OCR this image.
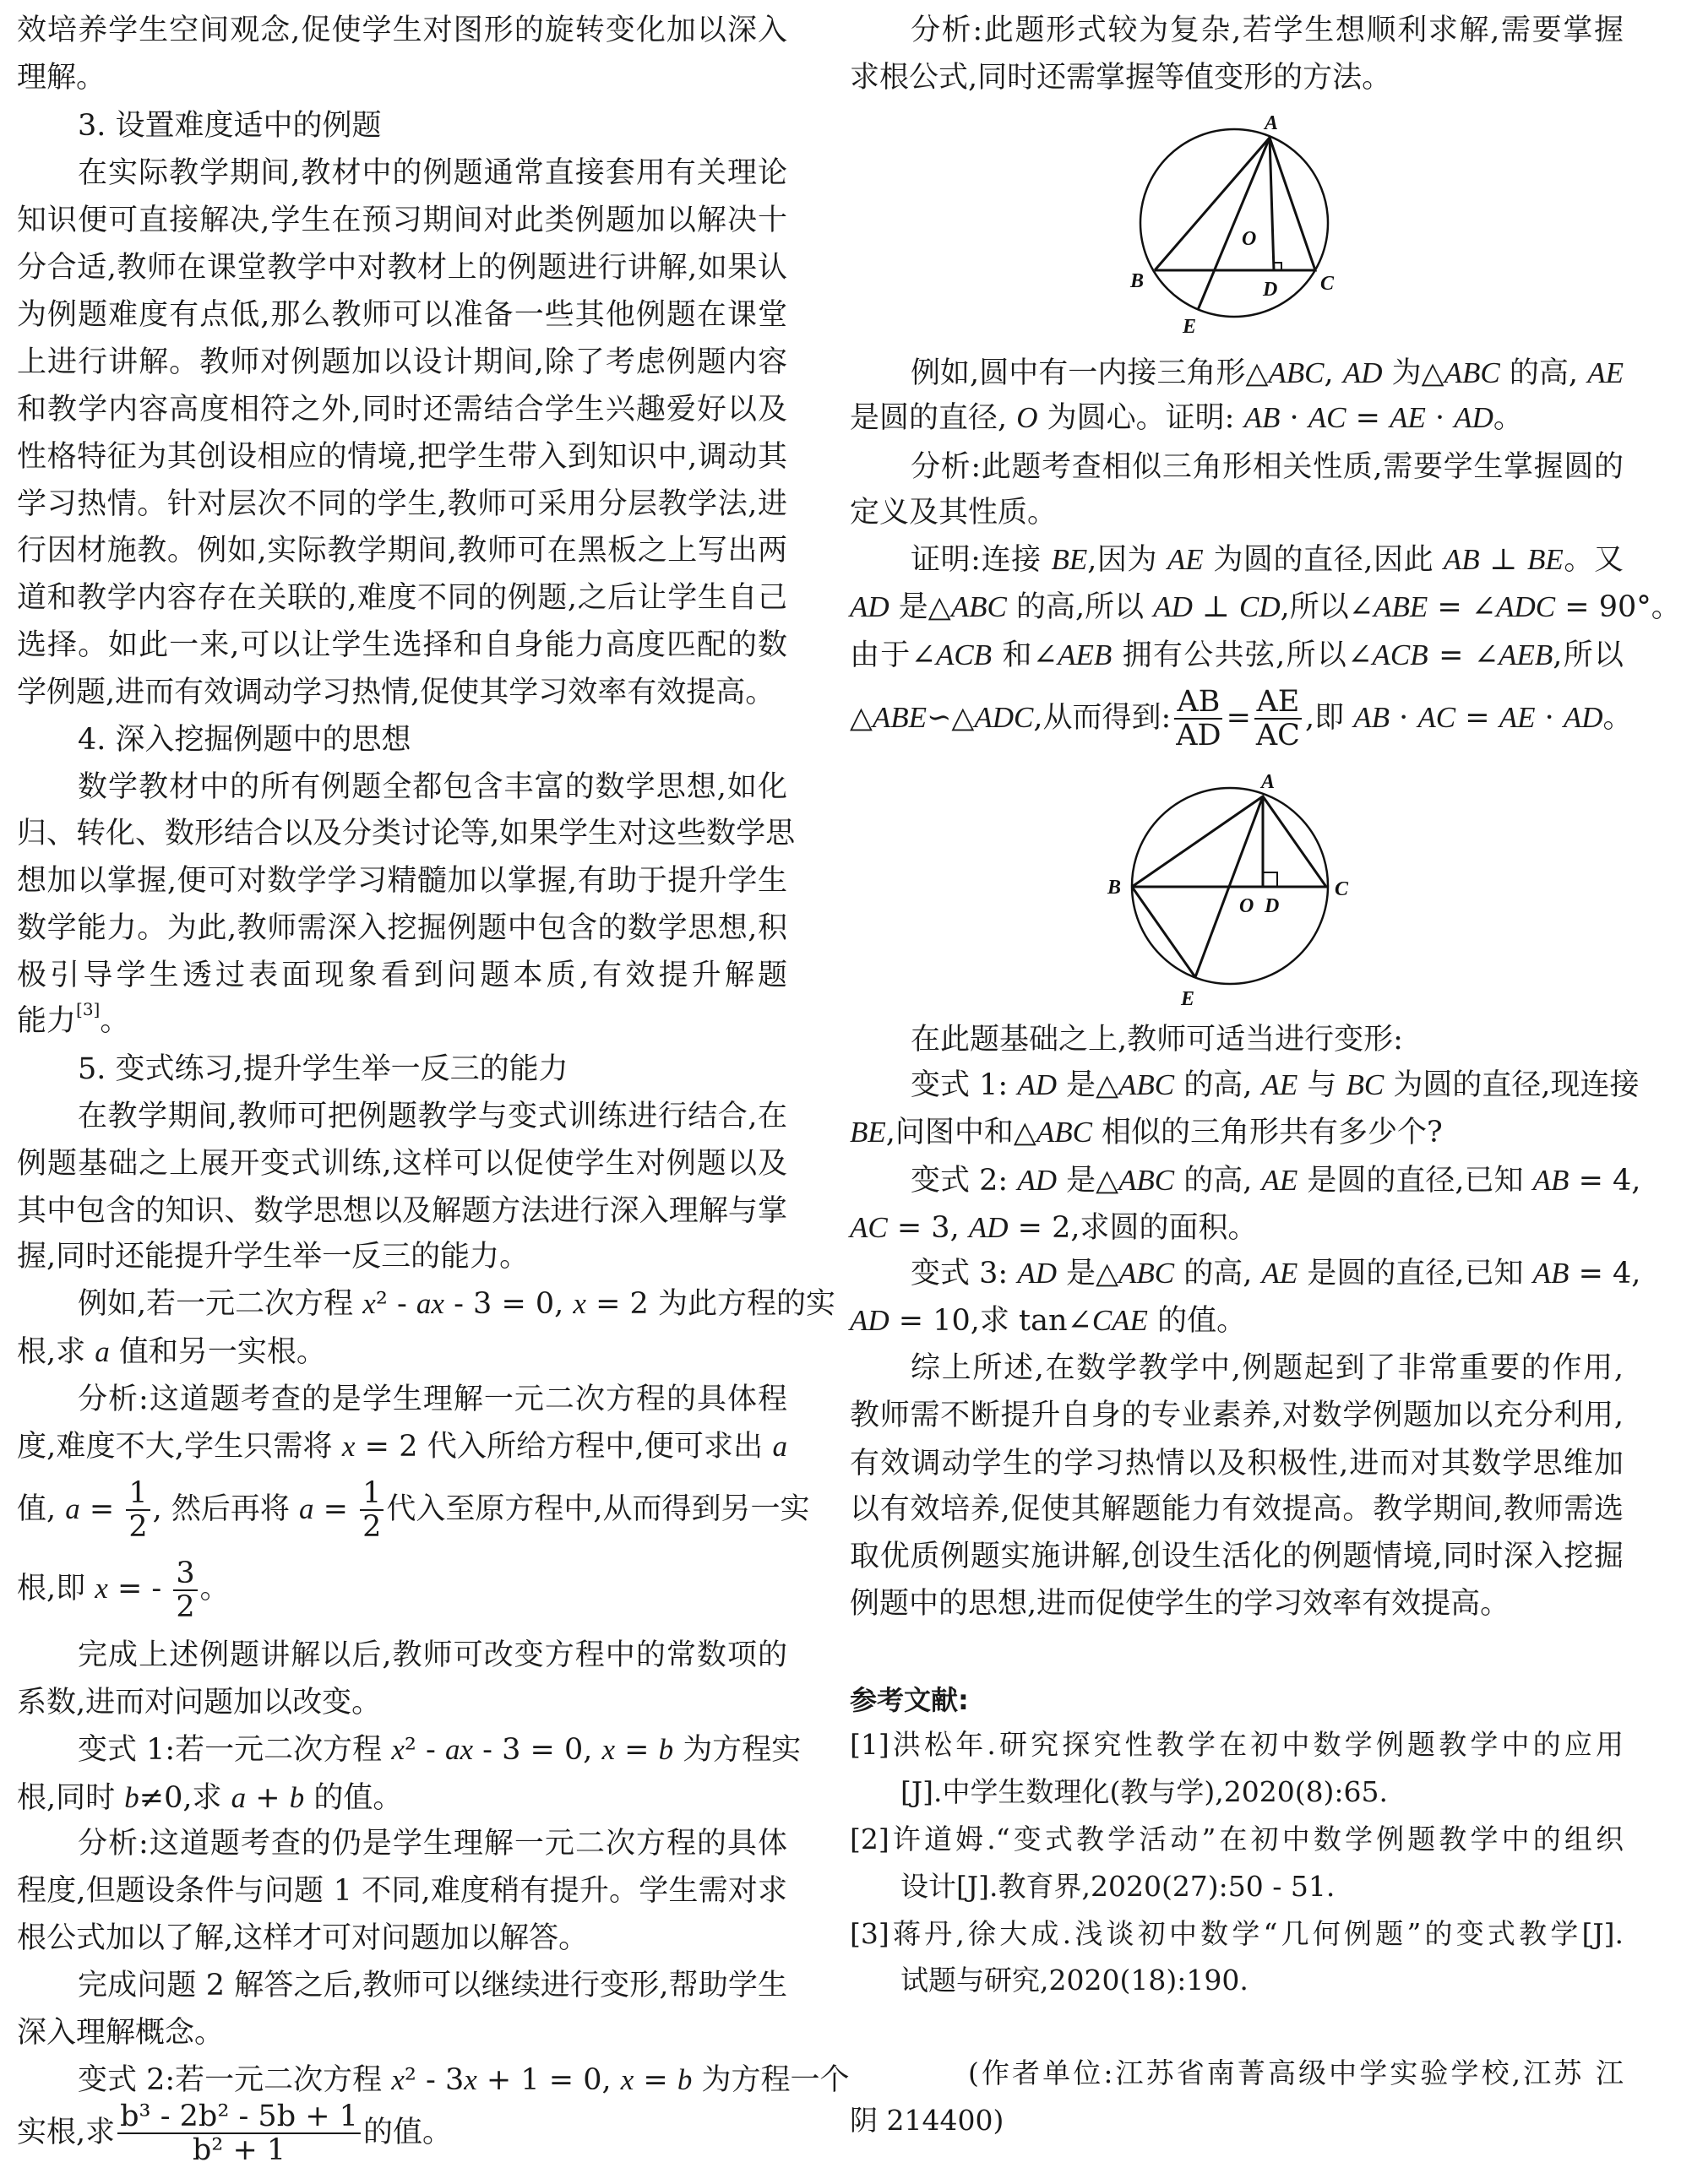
效培养学生空间观念,促使学生对图形的旋转变化加以深入
理解。
3. 设置难度适中的例题
在实际教学期间,教材中的例题通常直接套用有关理论
知识便可直接解决,学生在预习期间对此类例题加以解决十
分合适,教师在课堂教学中对教材上的例题进行讲解,如果认
为例题难度有点低,那么教师可以准备一些其他例题在课堂
上进行讲解。教师对例题加以设计期间,除了考虑例题内容
和教学内容高度相符之外,同时还需结合学生兴趣爱好以及
性格特征为其创设相应的情境,把学生带入到知识中,调动其
学习热情。针对层次不同的学生,教师可采用分层教学法,进
行因材施教。例如,实际教学期间,教师可在黑板之上写出两
道和教学内容存在关联的,难度不同的例题,之后让学生自己
选择。如此一来,可以让学生选择和自身能力高度匹配的数
学例题,进而有效调动学习热情,促使其学习效率有效提高。
4. 深入挖掘例题中的思想
数学教材中的所有例题全都包含丰富的数学思想,如化
归、转化、数形结合以及分类讨论等,如果学生对这些数学思
想加以掌握,便可对数学学习精髓加以掌握,有助于提升学生
数学能力。为此,教师需深入挖掘例题中包含的数学思想,积
极引导学生透过表面现象看到问题本质,有效提升解题
能力[3]。
5. 变式练习,提升学生举一反三的能力
在教学期间,教师可把例题教学与变式训练进行结合,在
例题基础之上展开变式训练,这样可以促使学生对例题以及
其中包含的知识、数学思想以及解题方法进行深入理解与掌
握,同时还能提升学生举一反三的能力。
例如,若一元二次方程 x² - ax - 3 = 0, x = 2 为此方程的实
根,求 a 值和另一实根。
分析:这道题考查的是学生理解一元二次方程的具体程
度,难度不大,学生只需将 x = 2 代入所给方程中,便可求出 a
值, $a = \frac{1}{2}$ , 然后再将 $a = \frac{1}{2}$ 代入至原方程中,从而得到另一实
根,即 x = - $\frac{3}{2}$ 。
完成上述例题讲解以后,教师可改变方程中的常数项的
系数,进而对问题加以改变。
变式 1:若一元二次方程 x² - ax - 3 = 0, x = b 为方程实
根,同时 b≠0,求 a + b 的值。
分析:这道题考查的仍是学生理解一元二次方程的具体
程度,但题设条件与问题 1 不同,难度稍有提升。学生需对求
根公式加以了解,这样才可对问题加以解答。
完成问题 2 解答之后,教师可以继续进行变形,帮助学生
深入理解概念。
变式 2:若一元二次方程 x² - 3x + 1 = 0, x = b 为方程一个
实根,求 $\frac{\text{b³ - 2b² - 5b + 1}}{\text{b² + 1}}$ 的值。
分析:此题形式较为复杂,若学生想顺利求解,需要掌握
求根公式,同时还需掌握等值变形的方法。
例如,圆中有一内接三角形△ABC, AD 为△ABC 的高, AE
是圆的直径, O 为圆心。证明: AB · AC = AE · AD。
分析:此题考查相似三角形相关性质,需要学生掌握圆的
定义及其性质。
证明:连接 BE,因为 AE 为圆的直径,因此 AB ⊥ BE。又
AD 是△ABC 的高,所以 AD ⊥ CD,所以∠ABE = ∠ADC = 90°。
由于∠ACB 和∠AEB 拥有公共弦,所以∠ACB = ∠AEB,所以
△ABE∽△ADC,从而得到: $\frac{AB}{AD} = \frac{AE}{AC}$ ,即 AB · AC = AE · AD。
在此题基础之上,教师可适当进行变形:
变式 1: AD 是△ABC 的高, AE 与 BC 为圆的直径,现连接
BE,问图中和△ABC 相似的三角形共有多少个?
变式 2: AD 是△ABC 的高, AE 是圆的直径,已知 AB = 4,
AC = 3, AD = 2,求圆的面积。
变式 3: AD 是△ABC 的高, AE 是圆的直径,已知 AB = 4,
AD = 10,求 tan∠CAE 的值。
综上所述,在数学教学中,例题起到了非常重要的作用,
教师需不断提升自身的专业素养,对数学例题加以充分利用,
有效调动学生的学习热情以及积极性,进而对其数学思维加
以有效培养,促使其解题能力有效提高。教学期间,教师需选
取优质例题实施讲解,创设生活化的例题情境,同时深入挖掘
例题中的思想,进而促使学生的学习效率有效提高。
参考文献:
[1]洪松年.研究探究性教学在初中数学例题教学中的应用
[J].中学生数理化(教与学),2020(8):65.
[2]许道姆.“变式教学活动”在初中数学例题教学中的组织
设计[J].教育界,2020(27):50 - 51.
[3]蒋丹,徐大成.浅谈初中数学“几何例题”的变式教学[J].
试题与研究,2020(18):190.
(作者单位:江苏省南菁高级中学实验学校,江苏 江
阴 214400)
A
B	C
D
E
O
A
B	C
D
O
E
